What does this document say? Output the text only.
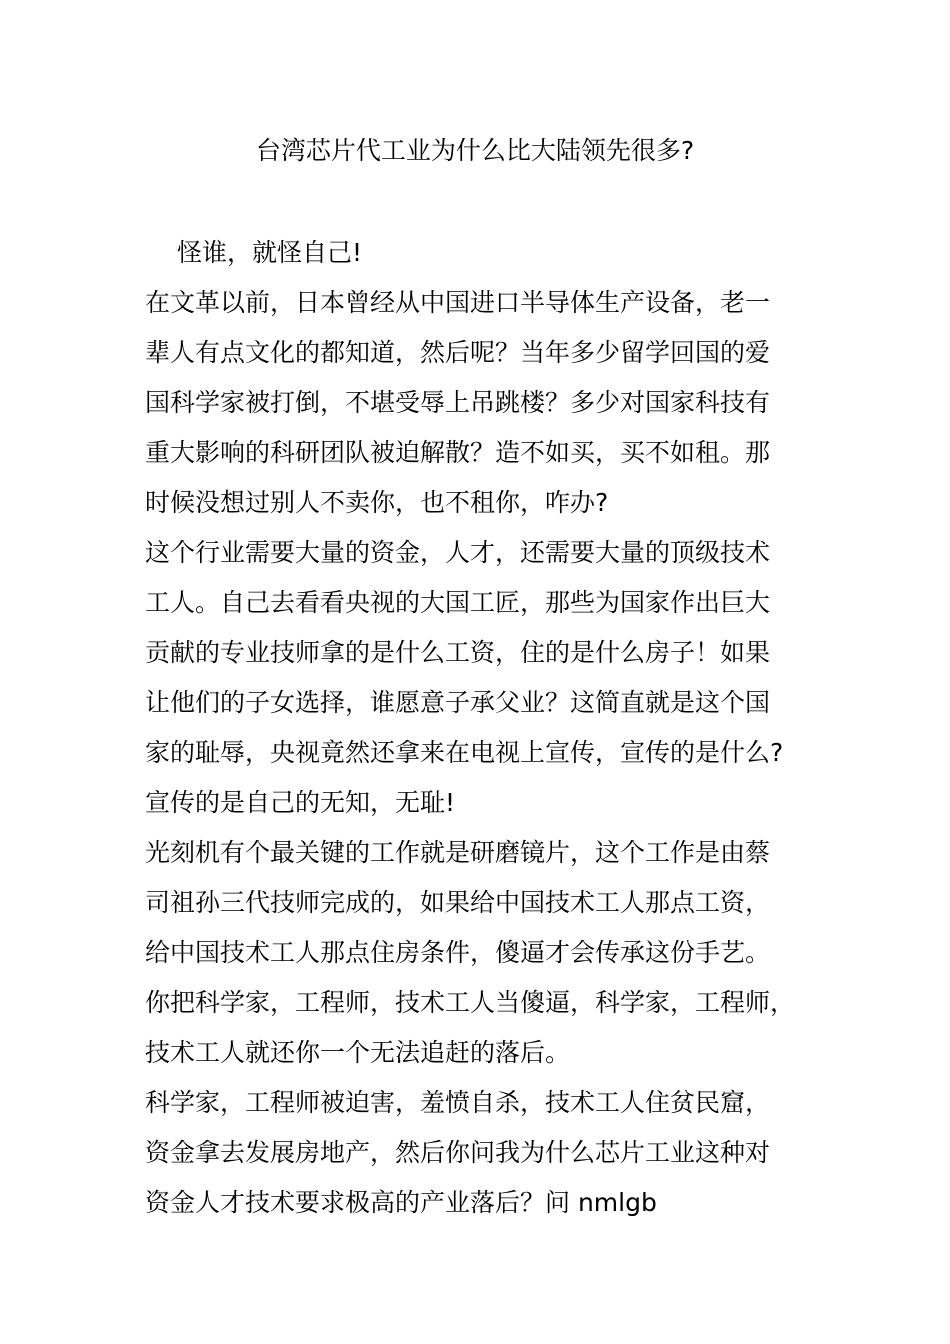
台湾芯片代工业为什么比大陆领先很多?
怪谁，就怪自己!
在文革以前，日本曾经从中国进口半导体生产设备，老一
辈人有点文化的都知道，然后呢？当年多少留学回国的爱
国科学家被打倒，不堪受辱上吊跳楼？多少对国家科技有
重大影响的科研团队被迫解散？造不如买，买不如租。那
时候没想过别人不卖你，也不租你，咋办?
这个行业需要大量的资金，人才，还需要大量的顶级技术
工人。自己去看看央视的大国工匠，那些为国家作出巨大
贡献的专业技师拿的是什么工资，住的是什么房子！如果
让他们的子女选择，谁愿意子承父业？这简直就是这个国
家的耻辱，央视竟然还拿来在电视上宣传，宣传的是什么?
宣传的是自己的无知，无耻!
光刻机有个最关键的工作就是研磨镜片，这个工作是由蔡
司祖孙三代技师完成的，如果给中国技术工人那点工资，
给中国技术工人那点住房条件，傻逼才会传承这份手艺。
你把科学家，工程师，技术工人当傻逼，科学家，工程师，
技术工人就还你一个无法追赶的落后。
科学家，工程师被迫害，羞愤自杀，技术工人住贫民窟，
资金拿去发展房地产，然后你问我为什么芯片工业这种对
资金人才技术要求极高的产业落后？问 nmlgb
